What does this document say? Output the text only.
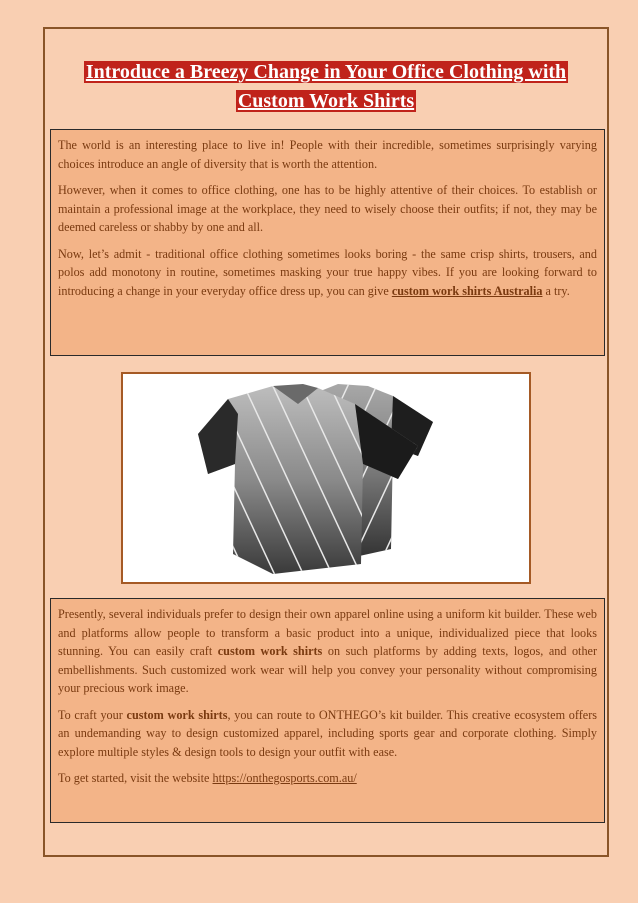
Introduce a Breezy Change in Your Office Clothing with
Custom Work Shirts

The world is an interesting place to live in! People with their incredible, sometimes surprisingly varying choices introduce an angle of diversity that is worth the attention.

However, when it comes to office clothing, one has to be highly attentive of their choices. To establish or maintain a professional image at the workplace, they need to wisely choose their outfits; if not, they may be deemed careless or shabby by one and all.

Now, let’s admit - traditional office clothing sometimes looks boring - the same crisp shirts, trousers, and polos add monotony in routine, sometimes masking your true happy vibes. If you are looking forward to introducing a change in your everyday office dress up, you can give custom work shirts Australia a try.

Presently, several individuals prefer to design their own apparel online using a uniform kit builder. These web and platforms allow people to transform a basic product into a unique, individualized piece that looks stunning. You can easily craft custom work shirts on such platforms by adding texts, logos, and other embellishments. Such customized work wear will help you convey your personality without compromising your precious work image.

To craft your custom work shirts, you can route to ONTHEGO’s kit builder. This creative ecosystem offers an undemanding way to design customized apparel, including sports gear and corporate clothing. Simply explore multiple styles & design tools to design your outfit with ease.

To get started, visit the website https://onthegosports.com.au/
